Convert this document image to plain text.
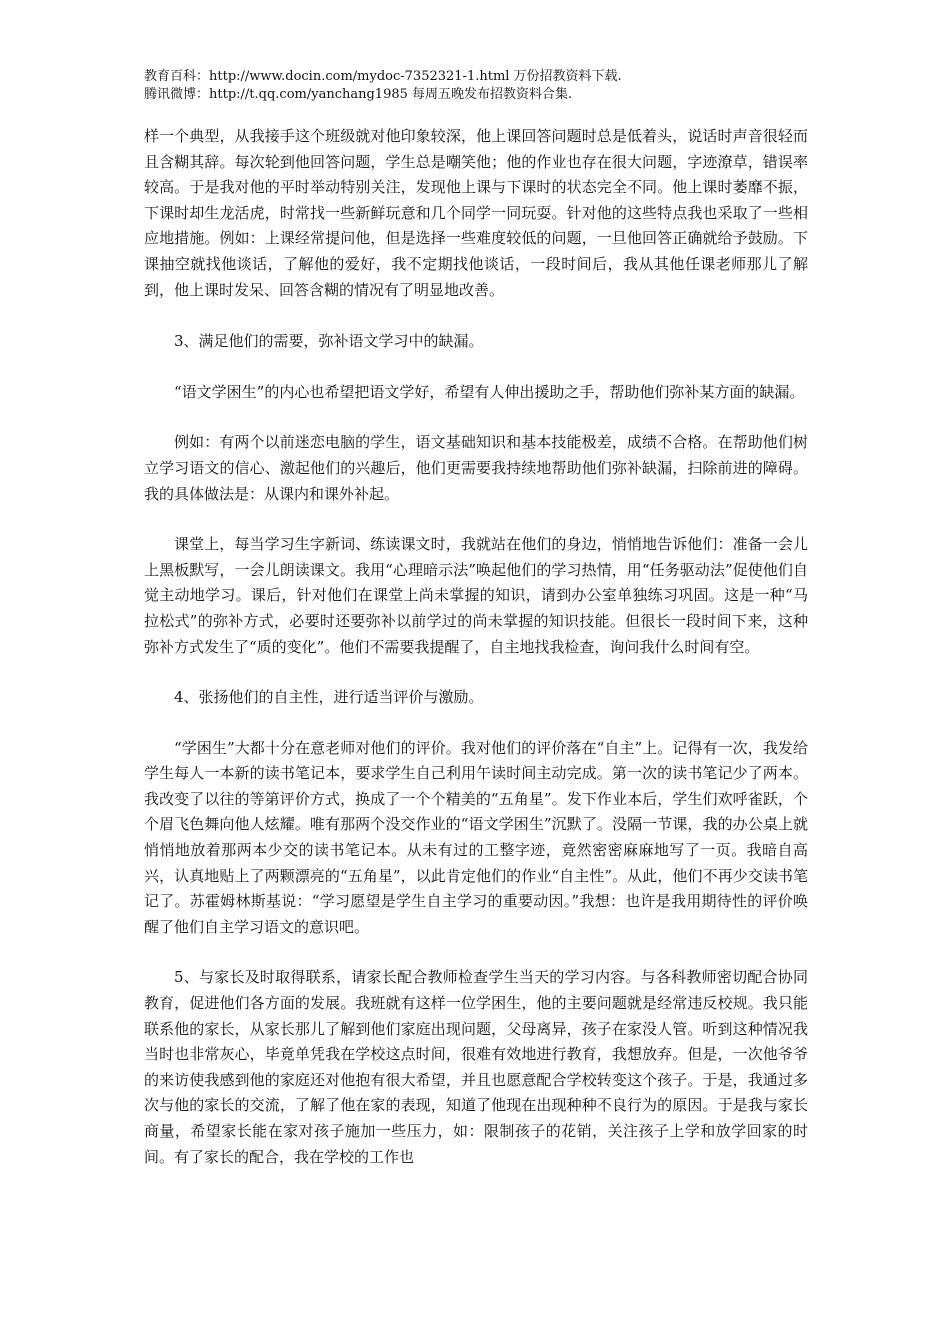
教育百科：http://www.docin.com/mydoc-7352321-1.html 万份招教资料下载.
腾讯微博：http://t.qq.com/yanchang1985 每周五晚发布招教资料合集.

样一个典型，从我接手这个班级就对他印象较深，他上课回答问题时总是低着头，说话时声音很轻而且含糊其辞。每次轮到他回答问题，学生总是嘲笑他；他的作业也存在很大问题，字迹潦草，错误率较高。于是我对他的平时举动特别关注，发现他上课与下课时的状态完全不同。他上课时萎靡不振，下课时却生龙活虎，时常找一些新鲜玩意和几个同学一同玩耍。针对他的这些特点我也采取了一些相应地措施。例如：上课经常提问他，但是选择一些难度较低的问题，一旦他回答正确就给予鼓励。下课抽空就找他谈话，了解他的爱好，我不定期找他谈话，一段时间后，我从其他任课老师那儿了解到，他上课时发呆、回答含糊的情况有了明显地改善。

3、满足他们的需要，弥补语文学习中的缺漏。

“语文学困生”的内心也希望把语文学好，希望有人伸出援助之手，帮助他们弥补某方面的缺漏。

例如：有两个以前迷恋电脑的学生，语文基础知识和基本技能极差，成绩不合格。在帮助他们树立学习语文的信心、激起他们的兴趣后，他们更需要我持续地帮助他们弥补缺漏，扫除前进的障碍。我的具体做法是：从课内和课外补起。

课堂上，每当学习生字新词、练读课文时，我就站在他们的身边，悄悄地告诉他们：准备一会儿上黑板默写，一会儿朗读课文。我用“心理暗示法”唤起他们的学习热情，用“任务驱动法”促使他们自觉主动地学习。课后，针对他们在课堂上尚未掌握的知识，请到办公室单独练习巩固。这是一种“马拉松式”的弥补方式，必要时还要弥补以前学过的尚未掌握的知识技能。但很长一段时间下来，这种弥补方式发生了“质的变化”。他们不需要我提醒了，自主地找我检查，询问我什么时间有空。

4、张扬他们的自主性，进行适当评价与激励。

“学困生”大都十分在意老师对他们的评价。我对他们的评价落在“自主”上。记得有一次，我发给学生每人一本新的读书笔记本，要求学生自己利用午读时间主动完成。第一次的读书笔记少了两本。我改变了以往的等第评价方式，换成了一个个精美的“五角星”。发下作业本后，学生们欢呼雀跃，个个眉飞色舞向他人炫耀。唯有那两个没交作业的“语文学困生”沉默了。没隔一节课，我的办公桌上就悄悄地放着那两本少交的读书笔记本。从未有过的工整字迹，竟然密密麻麻地写了一页。我暗自高兴，认真地贴上了两颗漂亮的“五角星”，以此肯定他们的作业“自主性”。从此，他们不再少交读书笔记了。苏霍姆林斯基说：“学习愿望是学生自主学习的重要动因。”我想：也许是我用期待性的评价唤醒了他们自主学习语文的意识吧。

5、与家长及时取得联系，请家长配合教师检查学生当天的学习内容。与各科教师密切配合协同教育，促进他们各方面的发展。我班就有这样一位学困生，他的主要问题就是经常违反校规。我只能联系他的家长，从家长那儿了解到他们家庭出现问题，父母离异，孩子在家没人管。听到这种情况我当时也非常灰心，毕竟单凭我在学校这点时间，很难有效地进行教育，我想放弃。但是，一次他爷爷的来访使我感到他的家庭还对他抱有很大希望，并且也愿意配合学校转变这个孩子。于是，我通过多次与他的家长的交流，了解了他在家的表现，知道了他现在出现种种不良行为的原因。于是我与家长商量，希望家长能在家对孩子施加一些压力，如：限制孩子的花销，关注孩子上学和放学回家的时间。有了家长的配合，我在学校的工作也
